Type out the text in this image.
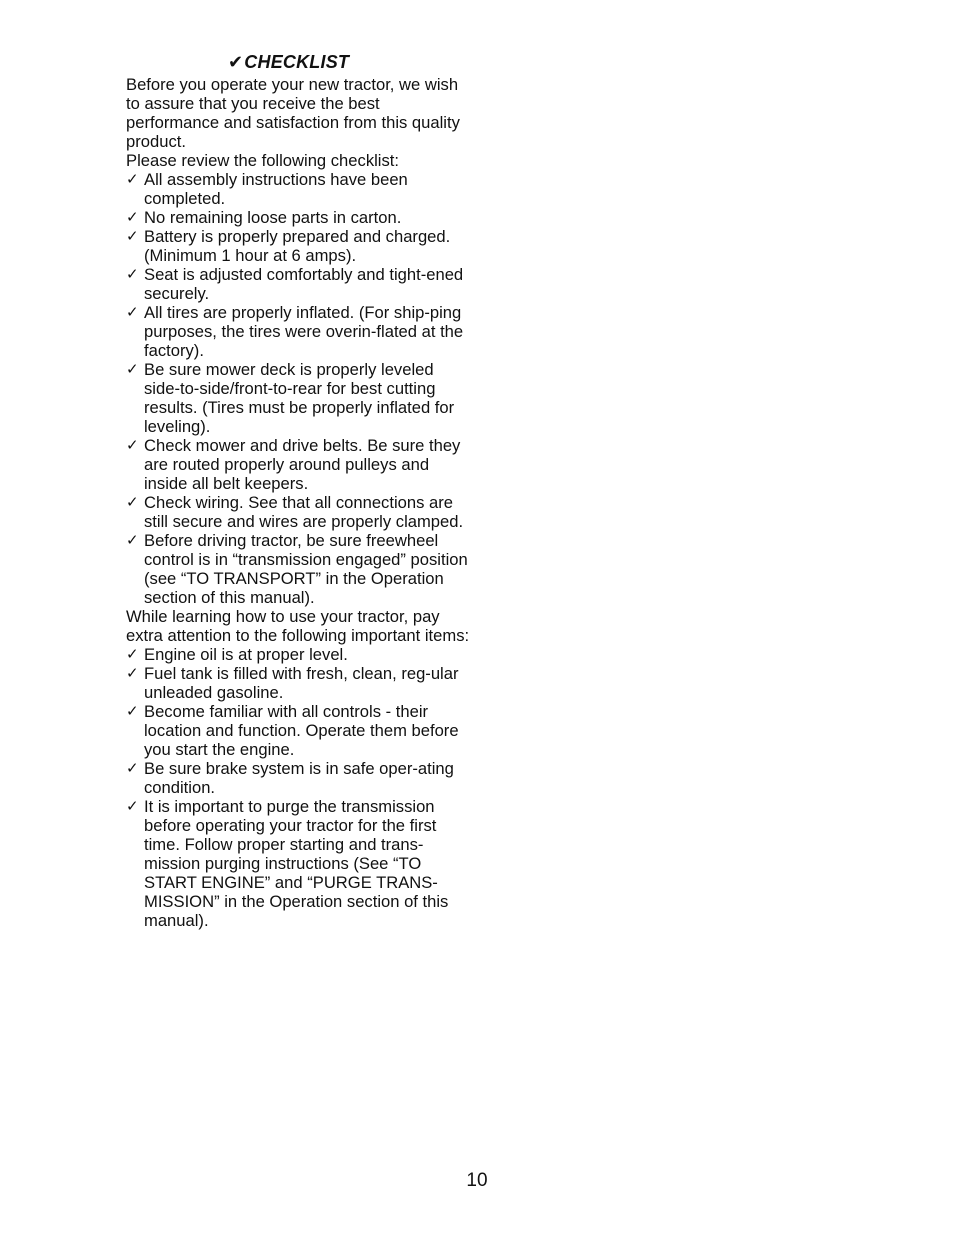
✔CHECKLIST

Before you operate your new tractor, we wish to assure that you receive the best performance and satisfaction from this quality product.

Please review the following checklist:

✓ All assembly instructions have been completed.
✓ No remaining loose parts in carton.
✓ Battery is properly prepared and charged. (Minimum 1 hour at 6 amps).
✓ Seat is adjusted comfortably and tight-ened securely.
✓ All tires are properly inflated. (For ship-ping purposes, the tires were overin-flated at the factory).
✓ Be sure mower deck is properly leveled side-to-side/front-to-rear for best cutting results. (Tires must be properly inflated for leveling).
✓ Check mower and drive belts. Be sure they are routed properly around pulleys and inside all belt keepers.
✓ Check wiring. See that all connections are still secure and wires are properly clamped.
✓ Before driving tractor, be sure freewheel control is in “transmission engaged” position (see “TO TRANSPORT” in the Operation section of this manual).

While learning how to use your tractor, pay extra attention to the following important items:

✓ Engine oil is at proper level.
✓ Fuel tank is filled with fresh, clean, reg-ular unleaded gasoline.
✓ Become familiar with all controls - their location and function. Operate them before you start the engine.
✓ Be sure brake system is in safe oper-ating condition.
✓ It is important to purge the transmission before operating your tractor for the first time. Follow proper starting and trans-mission purging instructions (See “TO START ENGINE” and “PURGE TRANS-MISSION” in the Operation section of this manual).
10
